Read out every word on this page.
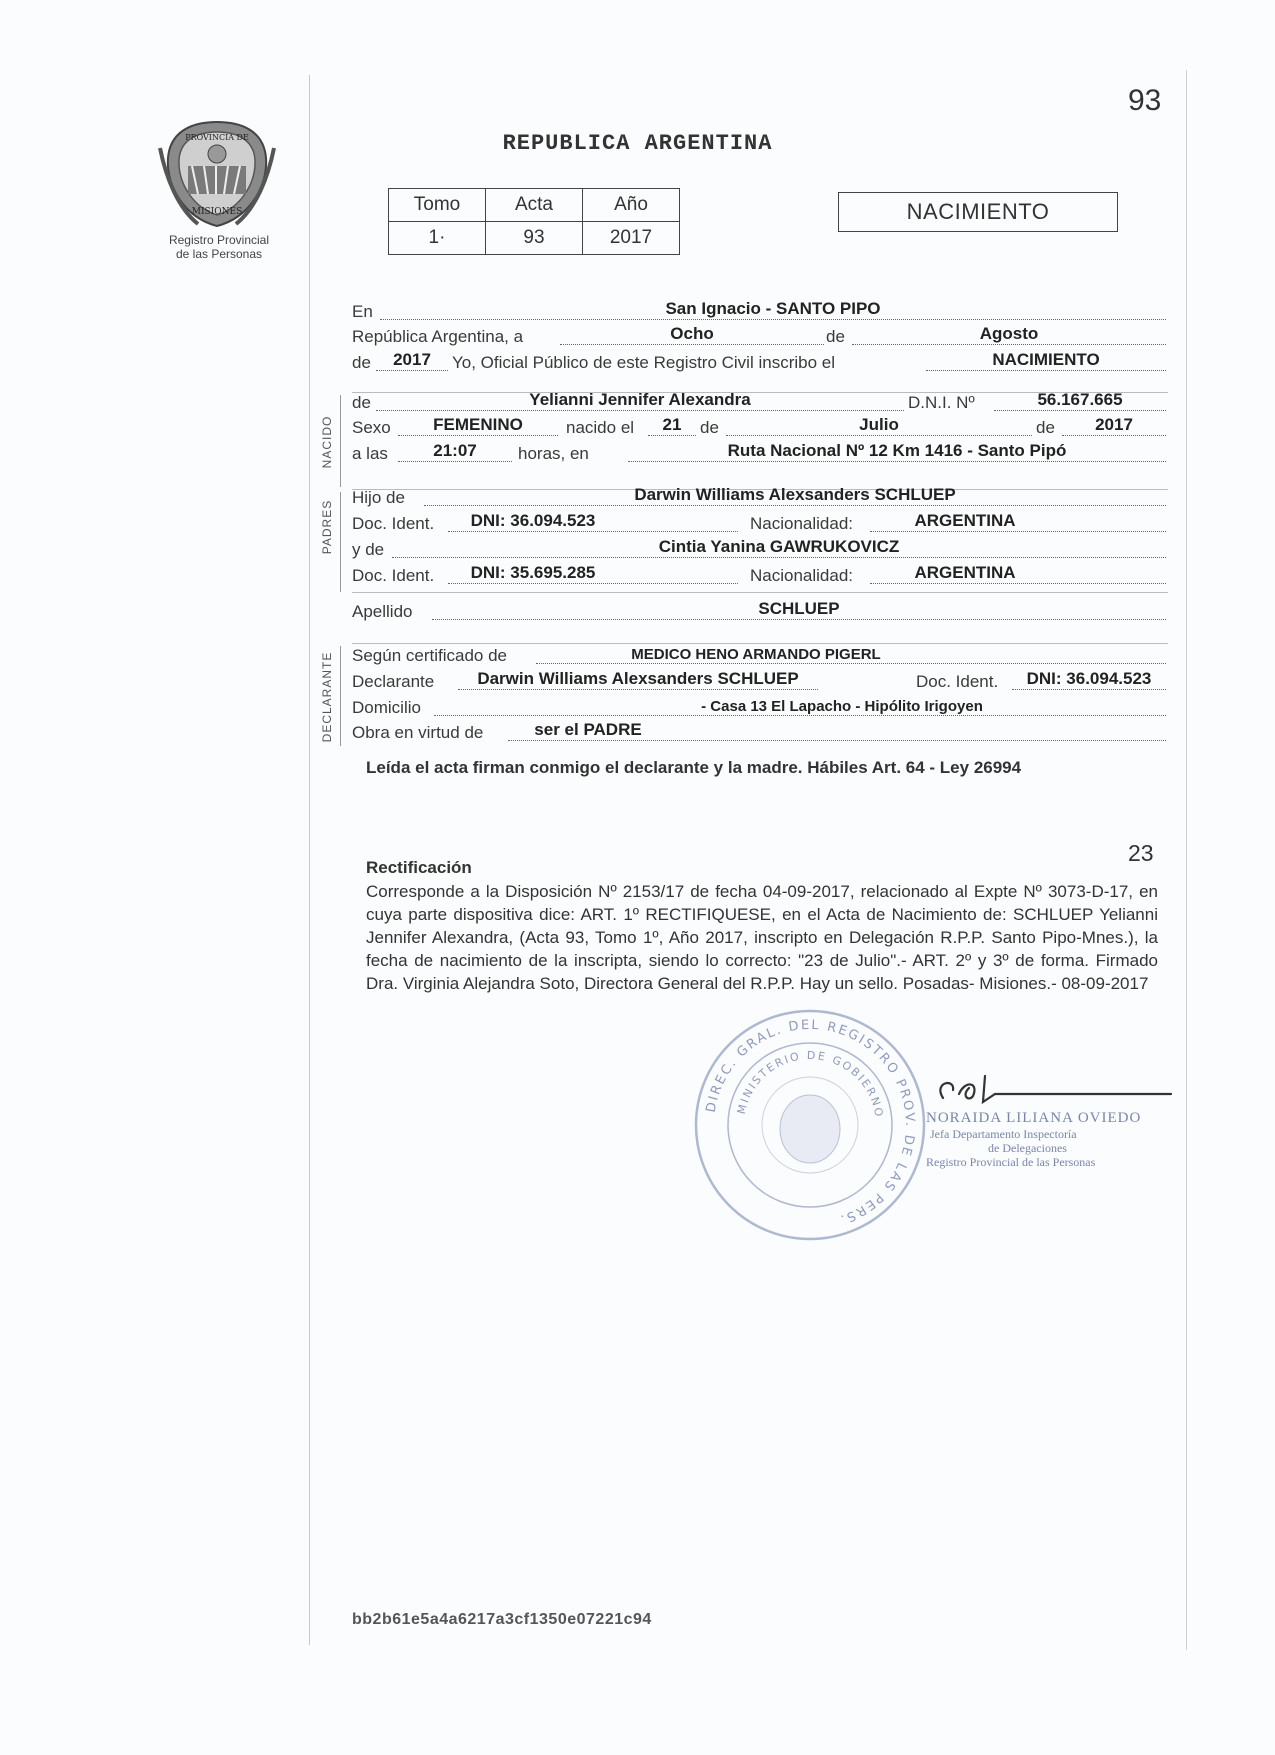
93
PROVINCIA DE
MISIONES
Registro Provincial
de las Personas
REPUBLICA ARGENTINA
Tomo	Acta	Año
1·	93	2017
NACIMIENTO
En	San Ignacio - SANTO PIPO
República Argentina, a	Ocho	de	Agosto
de	2017	Yo, Oficial Público de este Registro Civil inscribo el	NACIMIENTO
NACIDO
de	Yelianni Jennifer Alexandra	D.N.I. Nº	56.167.665
Sexo	FEMENINO	nacido el	21	de	Julio	de	2017
a las	21:07	horas, en	Ruta Nacional Nº 12 Km 1416 - Santo Pipó
PADRES
Hijo de	Darwin Williams Alexsanders SCHLUEP
Doc. Ident.	DNI: 36.094.523	Nacionalidad:	ARGENTINA
y de	Cintia Yanina GAWRUKOVICZ
Doc. Ident.	DNI: 35.695.285	Nacionalidad:	ARGENTINA
Apellido	SCHLUEP
DECLARANTE Según certificado de	MEDICO HENO ARMANDO PIGERL
Declarante	Darwin Williams Alexsanders SCHLUEP	Doc. Ident.	DNI: 36.094.523
Domicilio	- Casa 13 El Lapacho - Hipólito Irigoyen
Obra en virtud de	ser el PADRE
Leída el acta firman conmigo el declarante y la madre. Hábiles Art. 64 - Ley 26994
23
Rectificación
Corresponde a la Disposición Nº 2153/17 de fecha 04-09-2017, relacionado al Expte Nº 3073-D-17, en cuya parte dispositiva dice: ART. 1º RECTIFIQUESE, en el Acta de Nacimiento de: SCHLUEP Yelianni Jennifer Alexandra, (Acta 93, Tomo 1º, Año 2017, inscripto en Delegación R.P.P. Santo Pipo-Mnes.), la fecha de nacimiento de la inscripta, siendo lo correcto: "23 de Julio".- ART. 2º y 3º de forma. Firmado Dra. Virginia Alejandra Soto, Directora General del R.P.P. Hay un sello. Posadas- Misiones.- 08-09-2017
DIREC. GRAL. DEL REGISTRO PROV. DE LAS PERS.
MINISTERIO DE GOBIERNO	NORAIDA LILIANA OVIEDO
Jefa Departamento Inspectoría
de Delegaciones
Registro Provincial de las Personas
bb2b61e5a4a6217a3cf1350e07221c94
